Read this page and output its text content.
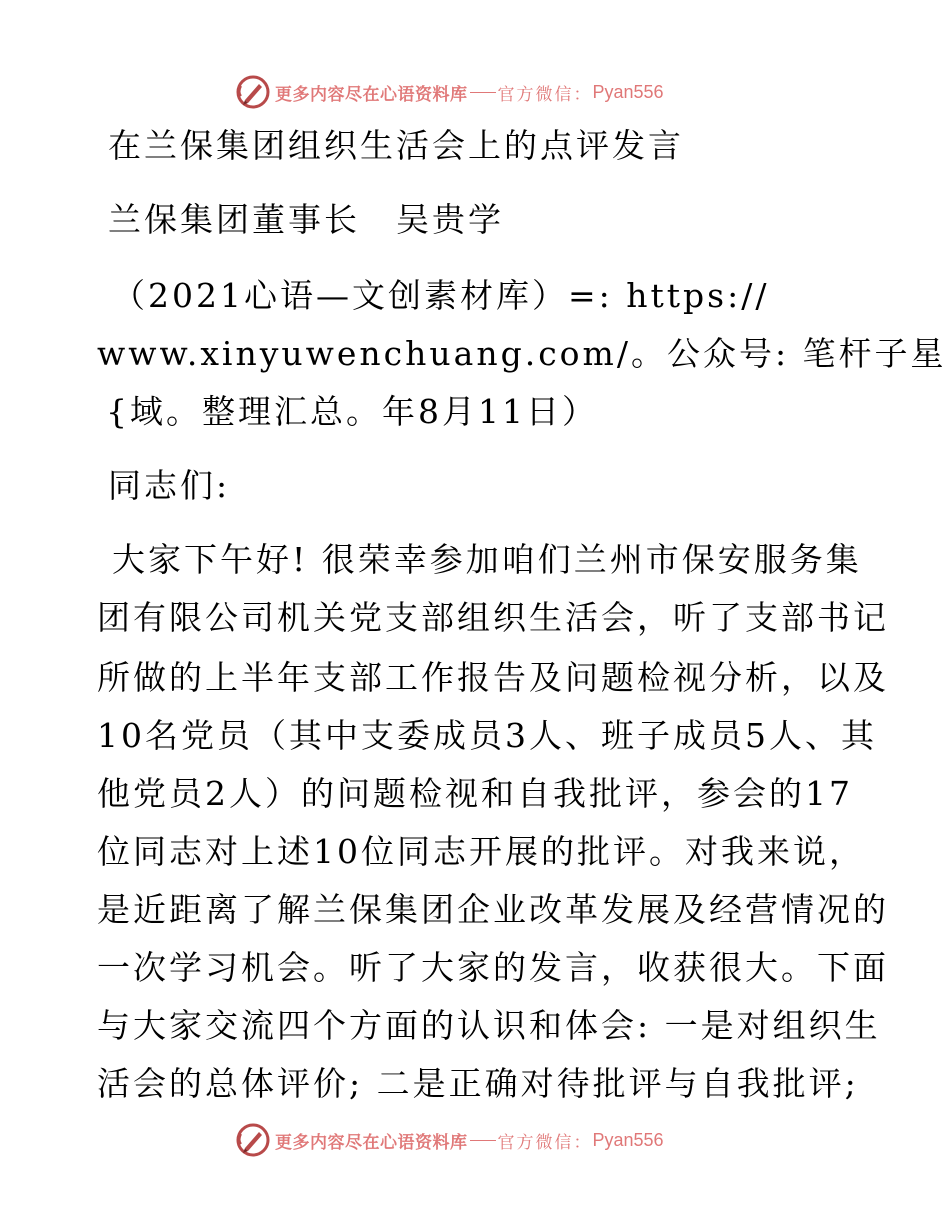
更多内容尽在心语资料库 官方微信： Pyan556
在兰保集团组织生活会上的点评发言
兰保集团董事长　吴贵学
（2021心语—文创素材库）=: https://
www.xinyuwenchuang.com/。公众号: 笔杆子星
{域。整理汇总。年8月11日）
同志们:
大家下午好! 很荣幸参加咱们兰州市保安服务集
团有限公司机关党支部组织生活会，听了支部书记
所做的上半年支部工作报告及问题检视分析，以及
10名党员（其中支委成员3人、班子成员5人、其
他党员2人）的问题检视和自我批评，参会的17
位同志对上述10位同志开展的批评。对我来说，
是近距离了解兰保集团企业改革发展及经营情况的
一次学习机会。听了大家的发言，收获很大。下面
与大家交流四个方面的认识和体会: 一是对组织生
活会的总体评价; 二是正确对待批评与自我批评;
更多内容尽在心语资料库 官方微信： Pyan556
